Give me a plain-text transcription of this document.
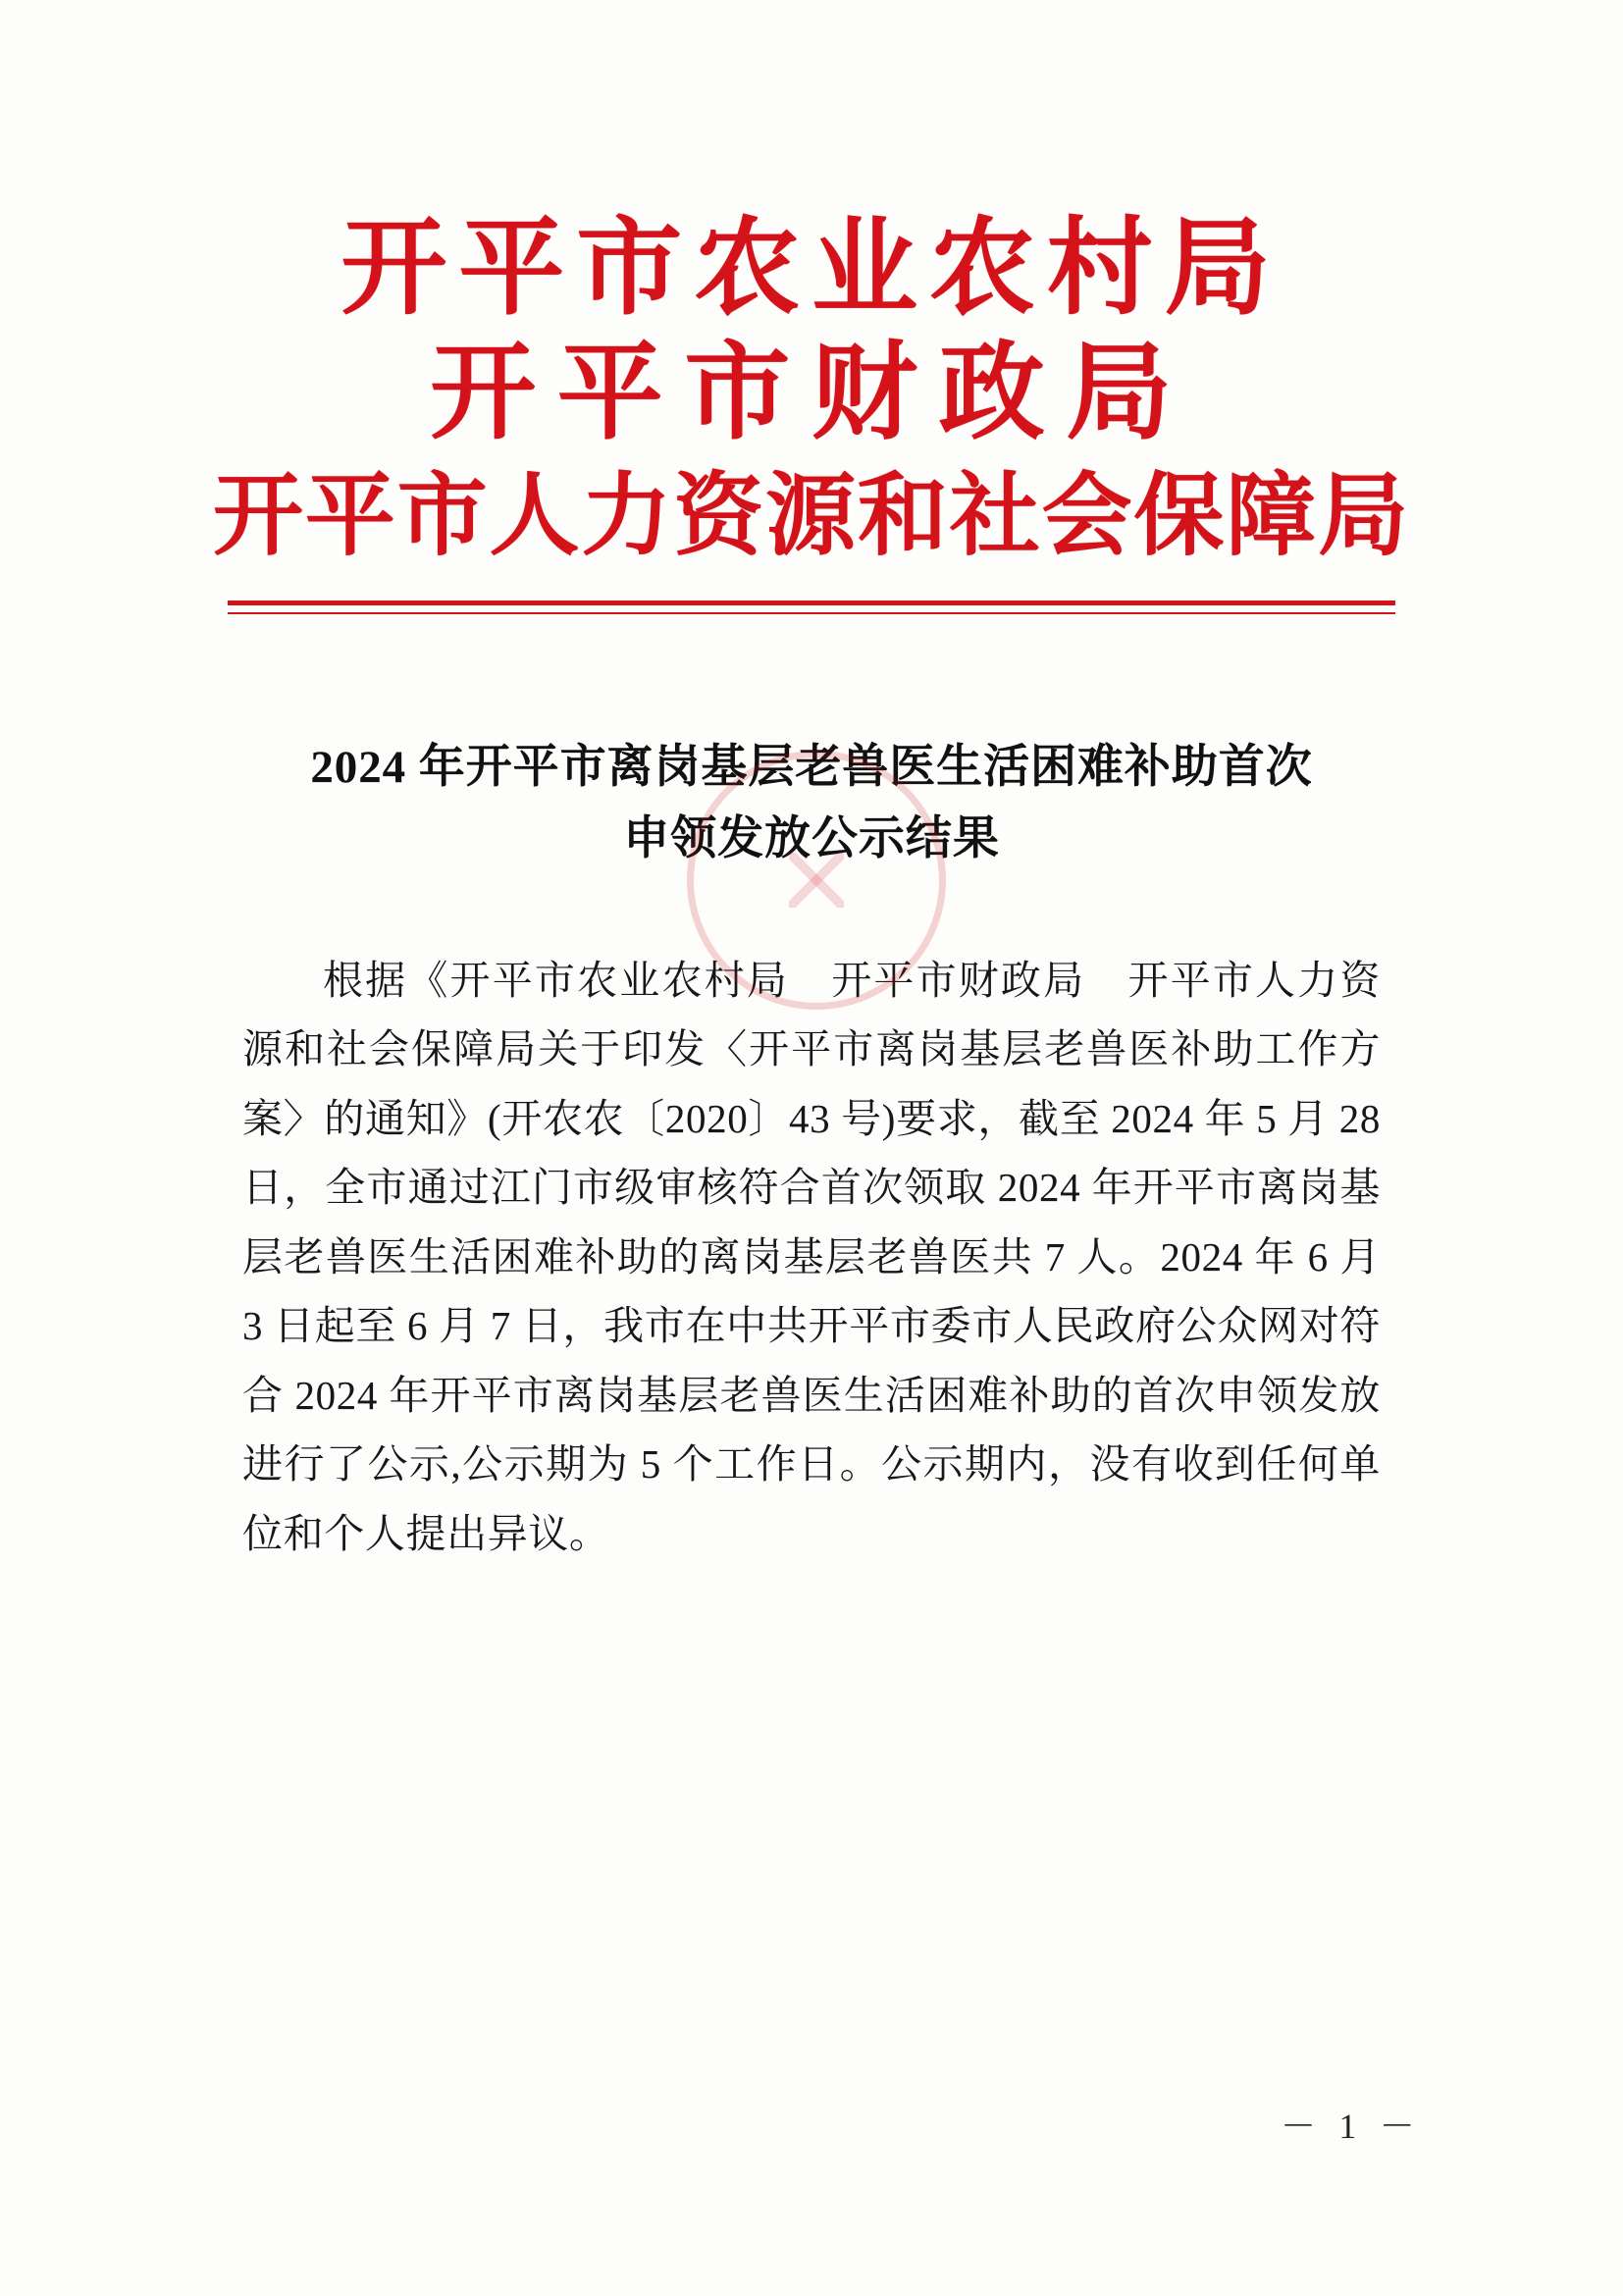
开平市农业农村局
开平市财政局
开平市人力资源和社会保障局
2024 年开平市离岗基层老兽医生活困难补助首次申领发放公示结果

根据《开平市农业农村局　开平市财政局　开平市人力资源和社会保障局关于印发〈开平市离岗基层老兽医补助工作方案〉的通知》(开农农〔2020〕43 号)要求，截至 2024 年 5 月 28 日，全市通过江门市级审核符合首次领取 2024 年开平市离岗基层老兽医生活困难补助的离岗基层老兽医共 7 人。2024 年 6 月 3 日起至 6 月 7 日，我市在中共开平市委市人民政府公众网对符合 2024 年开平市离岗基层老兽医生活困难补助的首次申领发放进行了公示,公示期为 5 个工作日。公示期内，没有收到任何单位和个人提出异议。

－ 1 －
